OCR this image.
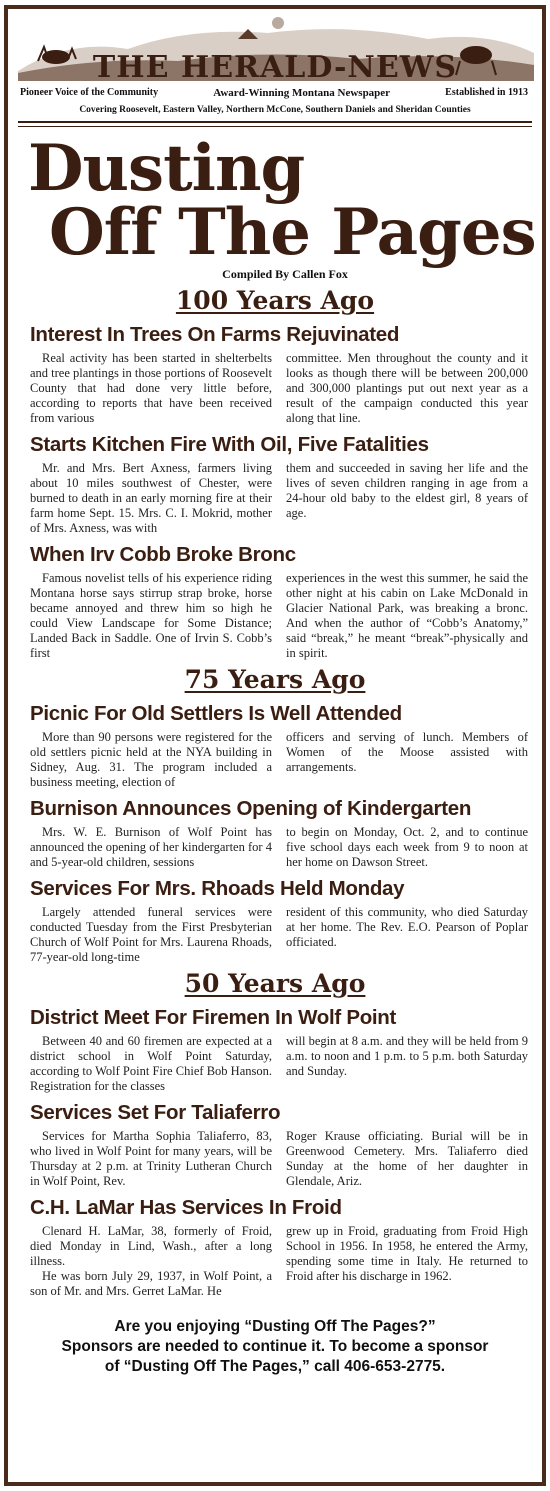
THE HERALD-NEWS
Pioneer Voice of the Community	Award-Winning Montana Newspaper	Established in 1913
Covering Roosevelt, Eastern Valley, Northern McCone, Southern Daniels and Sheridan Counties
Dusting
Off The Pages
Compiled By Callen Fox
100 Years Ago
Interest In Trees On Farms Rejuvinated

Real activity has been started in shelterbelts and tree plantings in those portions of Roosevelt County that had done very little before, according to reports that have been received from various

committee. Men throughout the county and it looks as though there will be between 200,000 and 300,000 plantings put out next year as a result of the campaign conducted this year along that line.

Starts Kitchen Fire With Oil, Five Fatalities

Mr. and Mrs. Bert Axness, farmers living about 10 miles southwest of Chester, were burned to death in an early morning fire at their farm home Sept. 15. Mrs. C. I. Mokrid, mother of Mrs. Axness, was with

them and succeeded in saving her life and the lives of seven children ranging in age from a 24-hour old baby to the eldest girl, 8 years of age.

When Irv Cobb Broke Bronc

Famous novelist tells of his experience riding Montana horse says stirrup strap broke, horse became annoyed and threw him so high he could View Landscape for Some Distance; Landed Back in Saddle. One of Irvin S. Cobb’s first

experiences in the west this summer, he said the other night at his cabin on Lake McDonald in Glacier National Park, was breaking a bronc. And when the author of “Cobb’s Anatomy,” said “break,” he meant “break”-physically and in spirit.

75 Years Ago
Picnic For Old Settlers Is Well Attended

More than 90 persons were registered for the old settlers picnic held at the NYA building in Sidney, Aug. 31. The program included a business meeting, election of

officers and serving of lunch. Members of Women of the Moose assisted with arrangements.

Burnison Announces Opening of Kindergarten

Mrs. W. E. Burnison of Wolf Point has announced the opening of her kindergarten for 4 and 5-year-old children, sessions

to begin on Monday, Oct. 2, and to continue five school days each week from 9 to noon at her home on Dawson Street.

Services For Mrs. Rhoads Held Monday

Largely attended funeral services were conducted Tuesday from the First Presbyterian Church of Wolf Point for Mrs. Laurena Rhoads, 77-year-old long-time

resident of this community, who died Saturday at her home. The Rev. E.O. Pearson of Poplar officiated.

50 Years Ago
District Meet For Firemen In Wolf Point

Between 40 and 60 firemen are expected at a district school in Wolf Point Saturday, according to Wolf Point Fire Chief Bob Hanson. Registration for the classes

will begin at 8 a.m. and they will be held from 9 a.m. to noon and 1 p.m. to 5 p.m. both Saturday and Sunday.

Services Set For Taliaferro

Services for Martha Sophia Taliaferro, 83, who lived in Wolf Point for many years, will be Thursday at 2 p.m. at Trinity Lutheran Church in Wolf Point, Rev.

Roger Krause officiating. Burial will be in Greenwood Cemetery. Mrs. Taliaferro died Sunday at the home of her daughter in Glendale, Ariz.

C.H. LaMar Has Services In Froid

Clenard H. LaMar, 38, formerly of Froid, died Monday in Lind, Wash., after a long illness.

He was born July 29, 1937, in Wolf Point, a son of Mr. and Mrs. Gerret LaMar. He

grew up in Froid, graduating from Froid High School in 1956. In 1958, he entered the Army, spending some time in Italy. He returned to Froid after his discharge in 1962.

Are you enjoying “Dusting Off The Pages?”
Sponsors are needed to continue it. To become a sponsor
of “Dusting Off The Pages,” call 406-653-2775.
